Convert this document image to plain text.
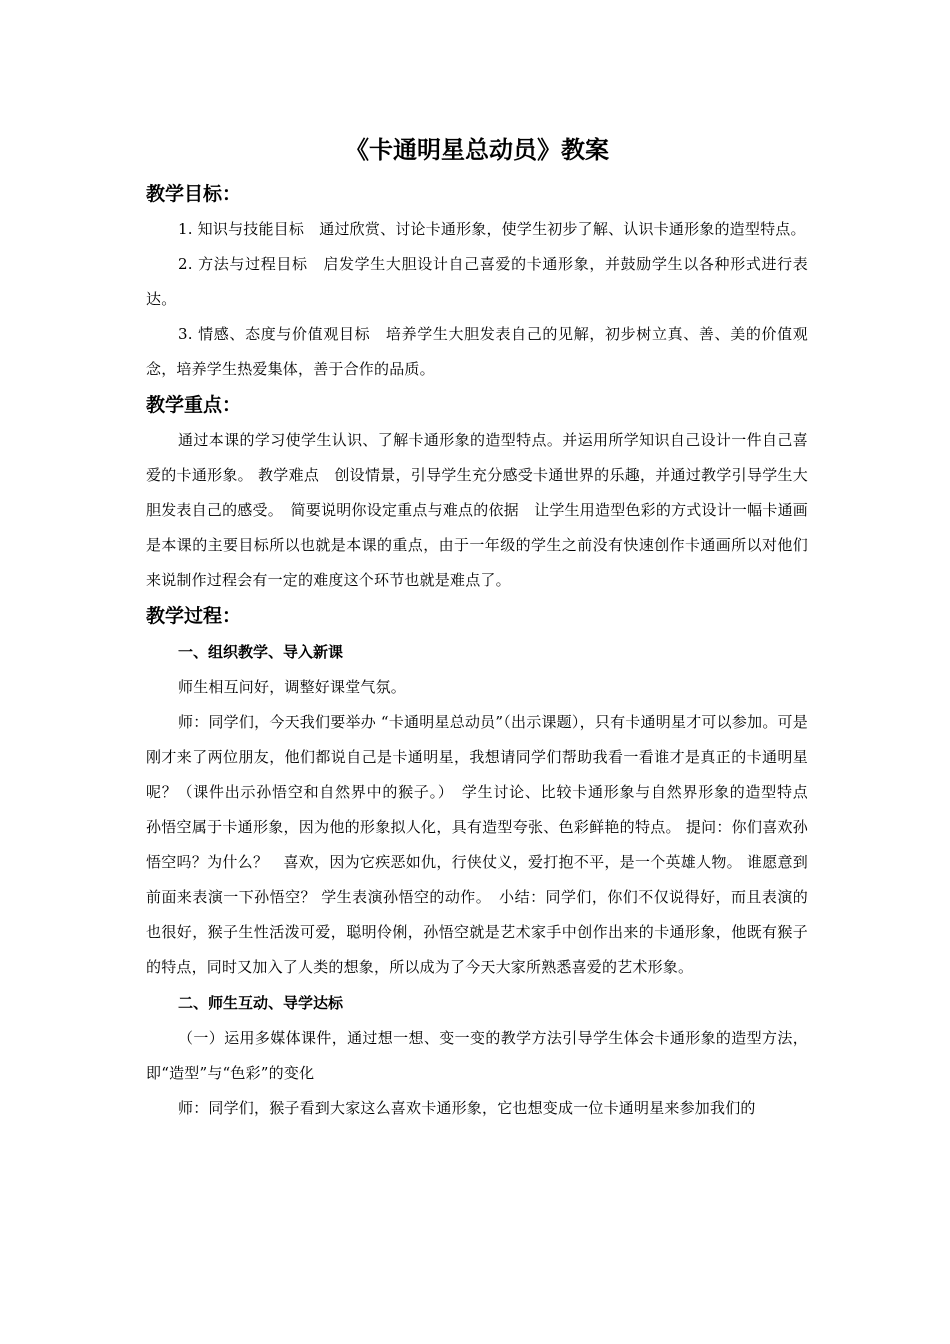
《卡通明星总动员》教案
教学目标：

1. 知识与技能目标　通过欣赏、讨论卡通形象，使学生初步了解、认识卡通形象的造型特点。

2. 方法与过程目标　启发学生大胆设计自己喜爱的卡通形象，并鼓励学生以各种形式进行表达。

3. 情感、态度与价值观目标　培养学生大胆发表自己的见解，初步树立真、善、美的价值观念，培养学生热爱集体，善于合作的品质。

教学重点：

通过本课的学习使学生认识、了解卡通形象的造型特点。并运用所学知识自己设计一件自己喜爱的卡通形象。 教学难点　创设情景，引导学生充分感受卡通世界的乐趣，并通过教学引导学生大胆发表自己的感受。　简要说明你设定重点与难点的依据　让学生用造型色彩的方式设计一幅卡通画是本课的主要目标所以也就是本课的重点，由于一年级的学生之前没有快速创作卡通画所以对他们来说制作过程会有一定的难度这个环节也就是难点了。

教学过程：

一、组织教学、导入新课

师生相互问好，调整好课堂气氛。

师：同学们，今天我们要举办 “卡通明星总动员”（出示课题），只有卡通明星才可以参加。可是刚才来了两位朋友，他们都说自己是卡通明星，我想请同学们帮助我看一看谁才是真正的卡通明星呢？（课件出示孙悟空和自然界中的猴子。）　学生讨论、比较卡通形象与自然界形象的造型特点　孙悟空属于卡通形象，因为他的形象拟人化，具有造型夸张、色彩鲜艳的特点。 提问：你们喜欢孙悟空吗？为什么？　喜欢，因为它疾恶如仇，行侠仗义，爱打抱不平，是一个英雄人物。 谁愿意到前面来表演一下孙悟空？ 学生表演孙悟空的动作。　小结：同学们，你们不仅说得好，而且表演的也很好，猴子生性活泼可爱，聪明伶俐，孙悟空就是艺术家手中创作出来的卡通形象，他既有猴子的特点，同时又加入了人类的想象，所以成为了今天大家所熟悉喜爱的艺术形象。

二、师生互动、导学达标

（一）运用多媒体课件，通过想一想、变一变的教学方法引导学生体会卡通形象的造型方法，即“造型”与“色彩”的变化

师：同学们，猴子看到大家这么喜欢卡通形象，它也想变成一位卡通明星来参加我们的
